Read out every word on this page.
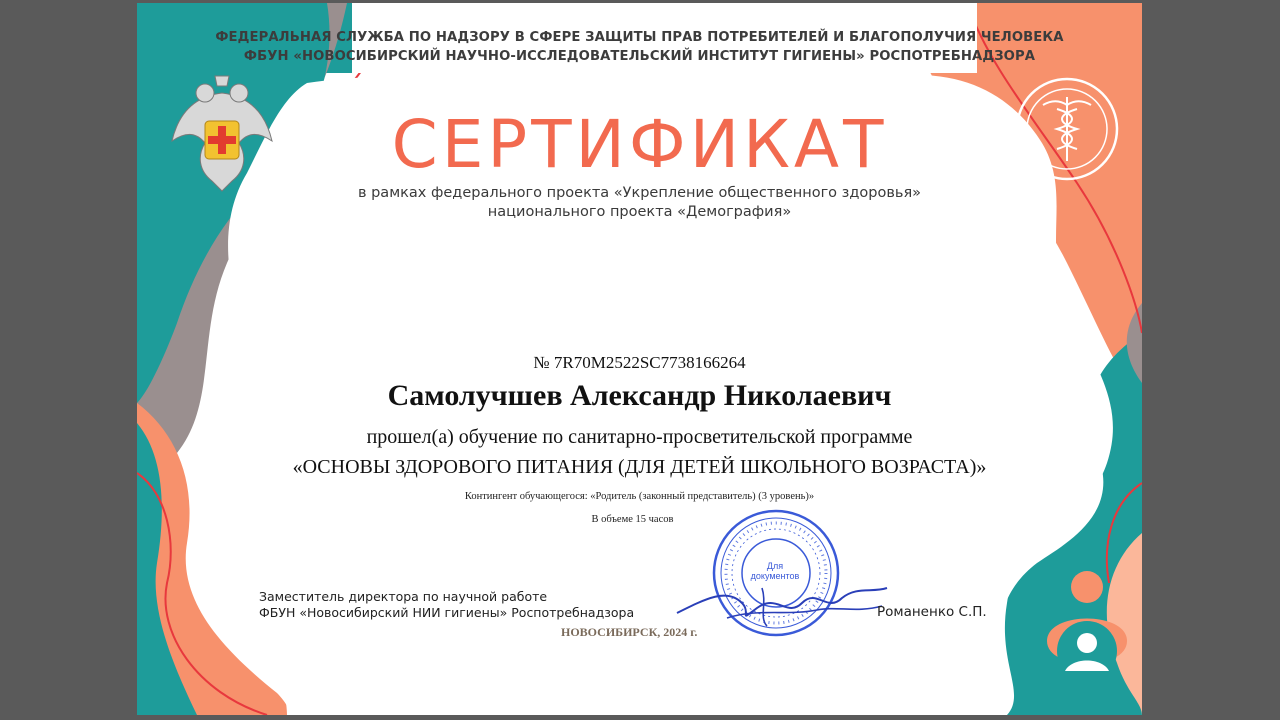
ФЕДЕРАЛЬНАЯ СЛУЖБА ПО НАДЗОРУ В СФЕРЕ ЗАЩИТЫ ПРАВ ПОТРЕБИТЕЛЕЙ И БЛАГОПОЛУЧИЯ ЧЕЛОВЕКА
ФБУН «НОВОСИБИРСКИЙ НАУЧНО-ИССЛЕДОВАТЕЛЬСКИЙ ИНСТИТУТ ГИГИЕНЫ» РОСПОТРЕБНАДЗОРА
СЕРТИФИКАТ
в рамках федерального проекта «Укрепление общественного здоровья»
национального проекта «Демография»
№ 7R70M2522SC7738166264
Самолучшев Александр Николаевич
прошел(а) обучение по санитарно-просветительской программе
«ОСНОВЫ ЗДОРОВОГО ПИТАНИЯ (ДЛЯ ДЕТЕЙ ШКОЛЬНОГО ВОЗРАСТА)»
Контингент обучающегося: «Родитель (законный представитель) (3 уровень)»
В объеме 15 часов
Для
документов
Заместитель директора по научной работе
ФБУН «Новосибирский НИИ гигиены» Роспотребнадзора	Романенко С.П.
НОВОСИБИРСК, 2024 г.
